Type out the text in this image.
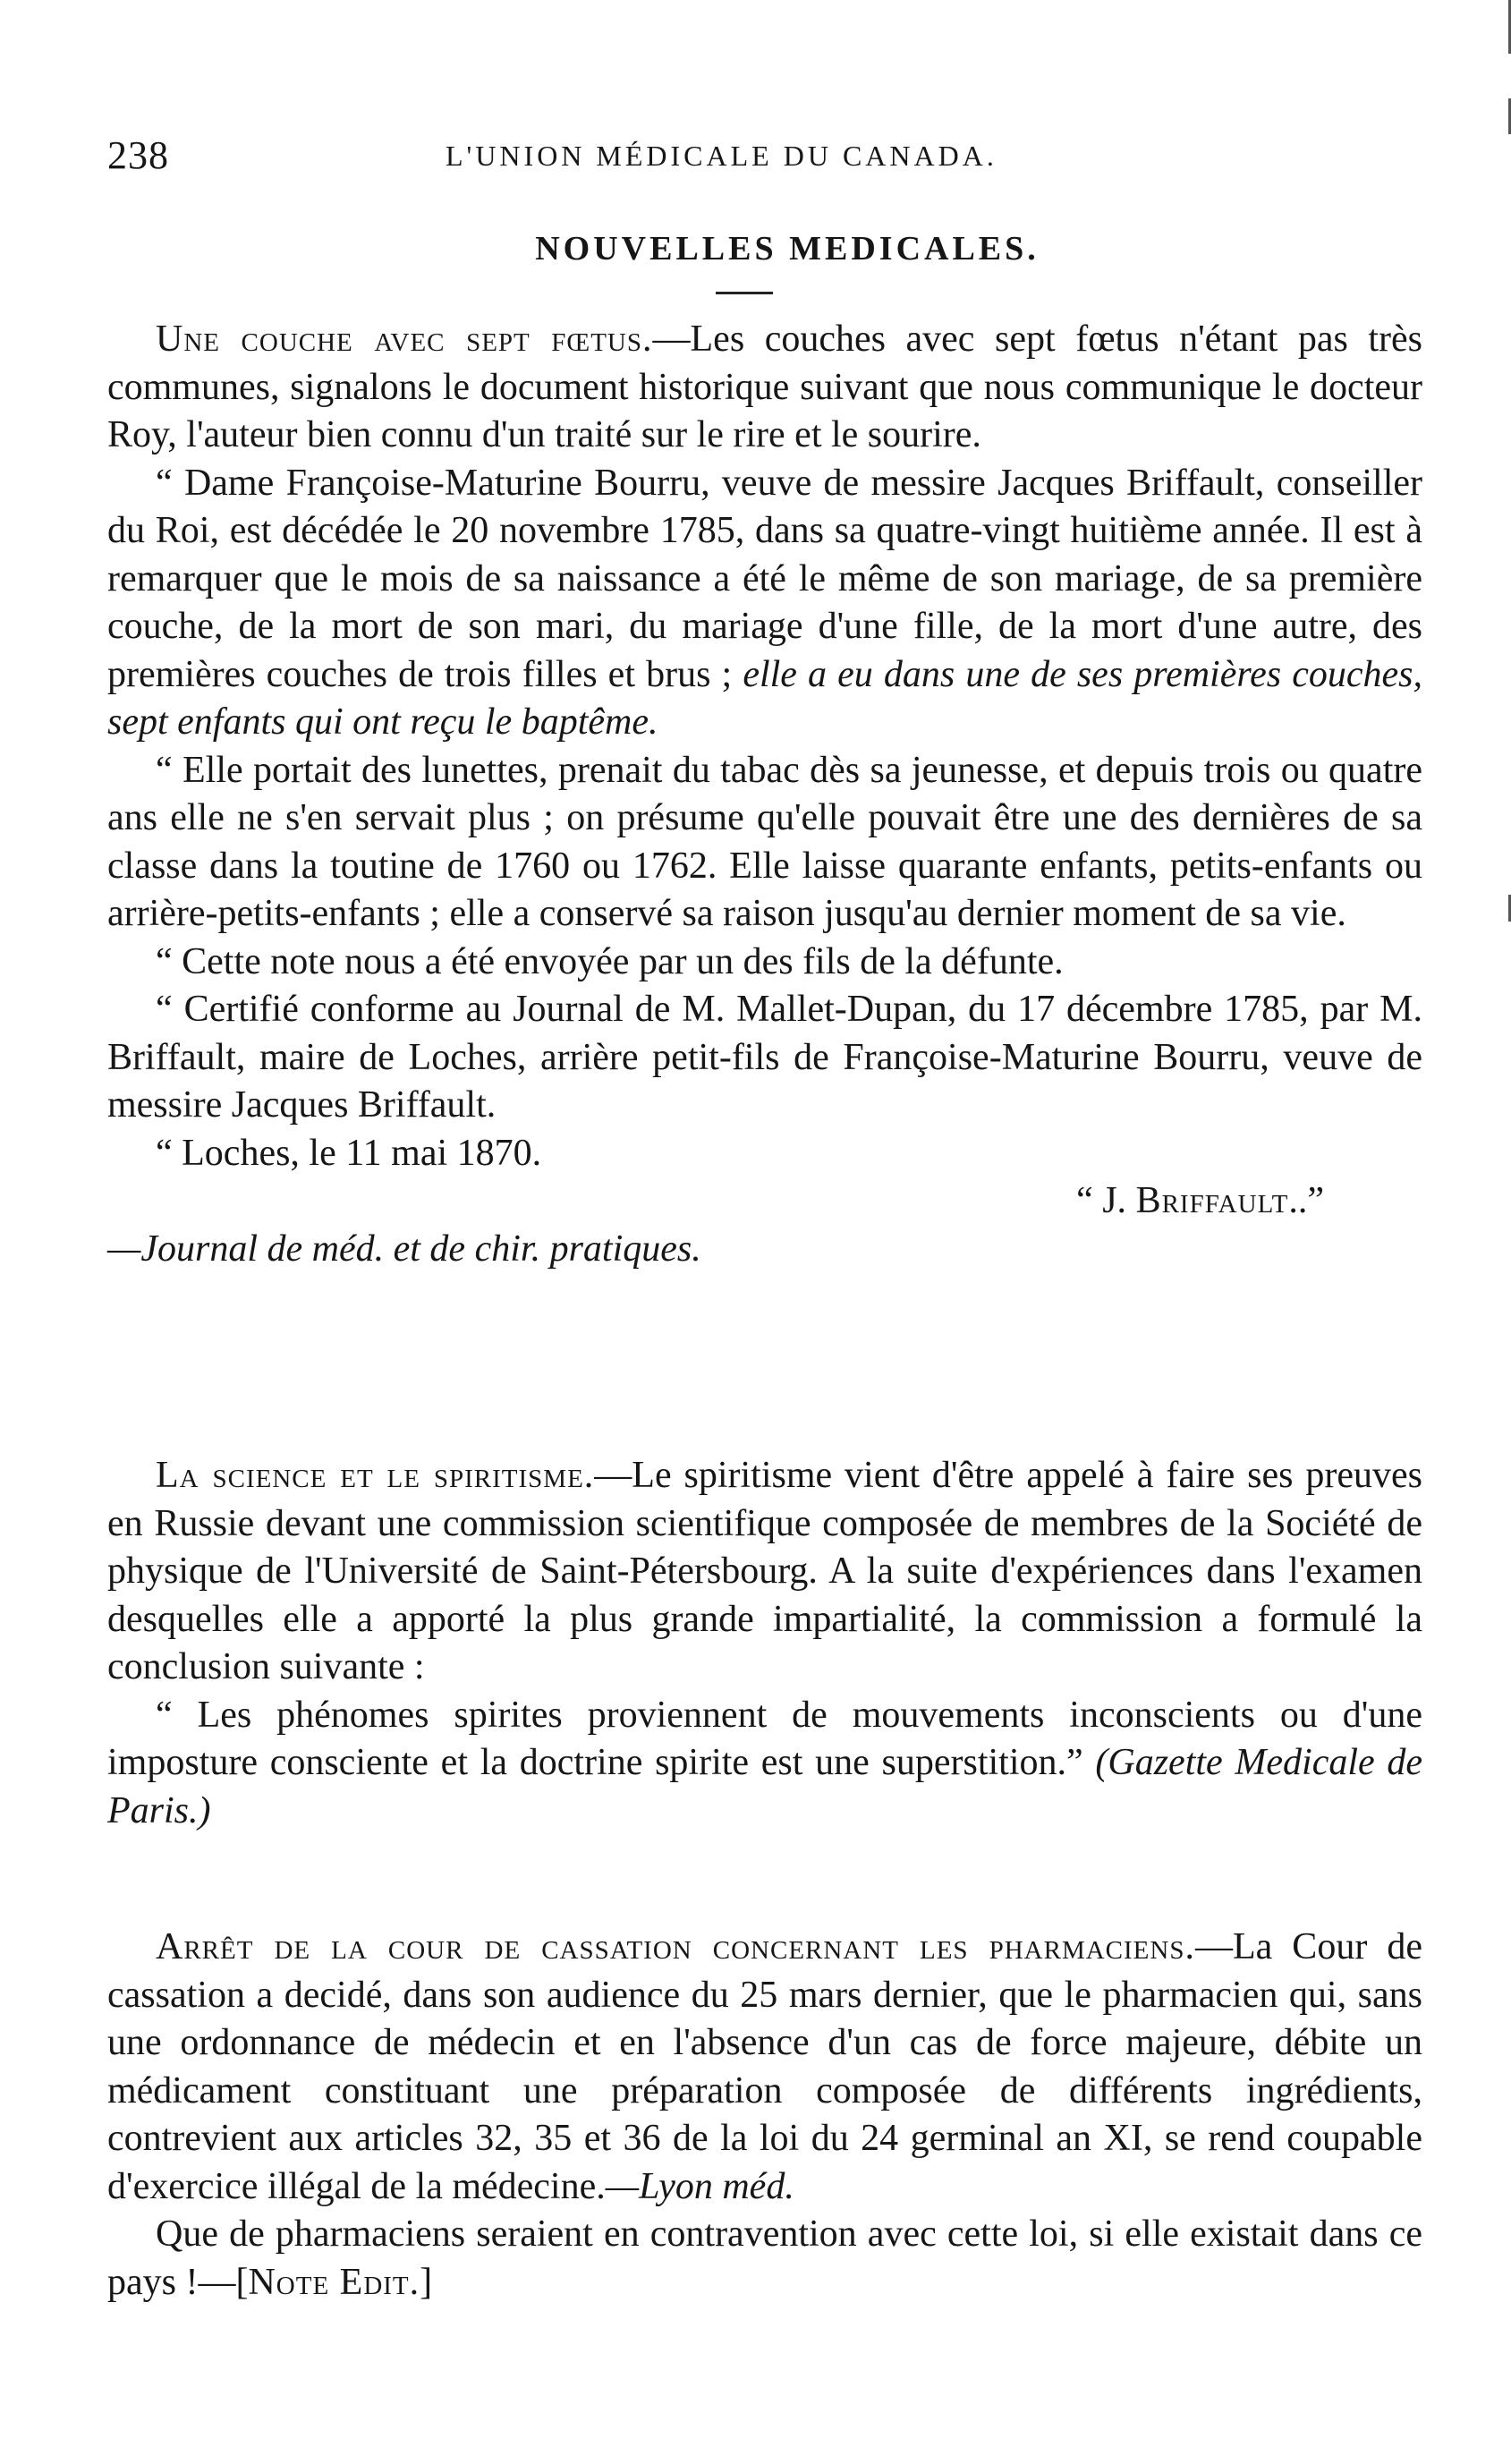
238	L'UNION MÉDICALE DU CANADA.
NOUVELLES MEDICALES.

Une couche avec sept fœtus.—Les couches avec sept fœtus n'étant pas très communes, signalons le document historique suivant que nous communique le docteur Roy, l'auteur bien connu d'un traité sur le rire et le sourire.

“ Dame Françoise-Maturine Bourru, veuve de messire Jacques Briffault, conseiller du Roi, est décédée le 20 novembre 1785, dans sa quatre-vingt huitième année. Il est à remarquer que le mois de sa naissance a été le même de son mariage, de sa première couche, de la mort de son mari, du mariage d'une fille, de la mort d'une autre, des premières couches de trois filles et brus ; elle a eu dans une de ses premières couches, sept enfants qui ont reçu le baptême.

“ Elle portait des lunettes, prenait du tabac dès sa jeunesse, et depuis trois ou quatre ans elle ne s'en servait plus ; on présume qu'elle pouvait être une des dernières de sa classe dans la toutine de 1760 ou 1762. Elle laisse quarante enfants, petits-enfants ou arrière-petits-enfants ; elle a conservé sa raison jusqu'au dernier moment de sa vie.

“ Cette note nous a été envoyée par un des fils de la défunte.

“ Certifié conforme au Journal de M. Mallet-Dupan, du 17 décembre 1785, par M. Briffault, maire de Loches, arrière petit-fils de Françoise-Maturine Bourru, veuve de messire Jacques Briffault.

“ Loches, le 11 mai 1870.

“ J. Briffault..”

—Journal de méd. et de chir. pratiques.

La science et le spiritisme.—Le spiritisme vient d'être appelé à faire ses preuves en Russie devant une commission scientifique composée de membres de la Société de physique de l'Université de Saint-Pétersbourg. A la suite d'expériences dans l'examen desquelles elle a apporté la plus grande impartialité, la commission a formulé la conclusion suivante :

“ Les phénomes spirites proviennent de mouvements inconscients ou d'une imposture consciente et la doctrine spirite est une superstition.” (Gazette Medicale de Paris.)

Arrêt de la cour de cassation concernant les pharmaciens.—La Cour de cassation a decidé, dans son audience du 25 mars dernier, que le pharmacien qui, sans une ordonnance de médecin et en l'absence d'un cas de force majeure, débite un médicament constituant une préparation composée de différents ingrédients, contrevient aux articles 32, 35 et 36 de la loi du 24 germinal an XI, se rend coupable d'exercice illégal de la médecine.—Lyon méd.

Que de pharmaciens seraient en contravention avec cette loi, si elle existait dans ce pays !—[Note Edit.]
